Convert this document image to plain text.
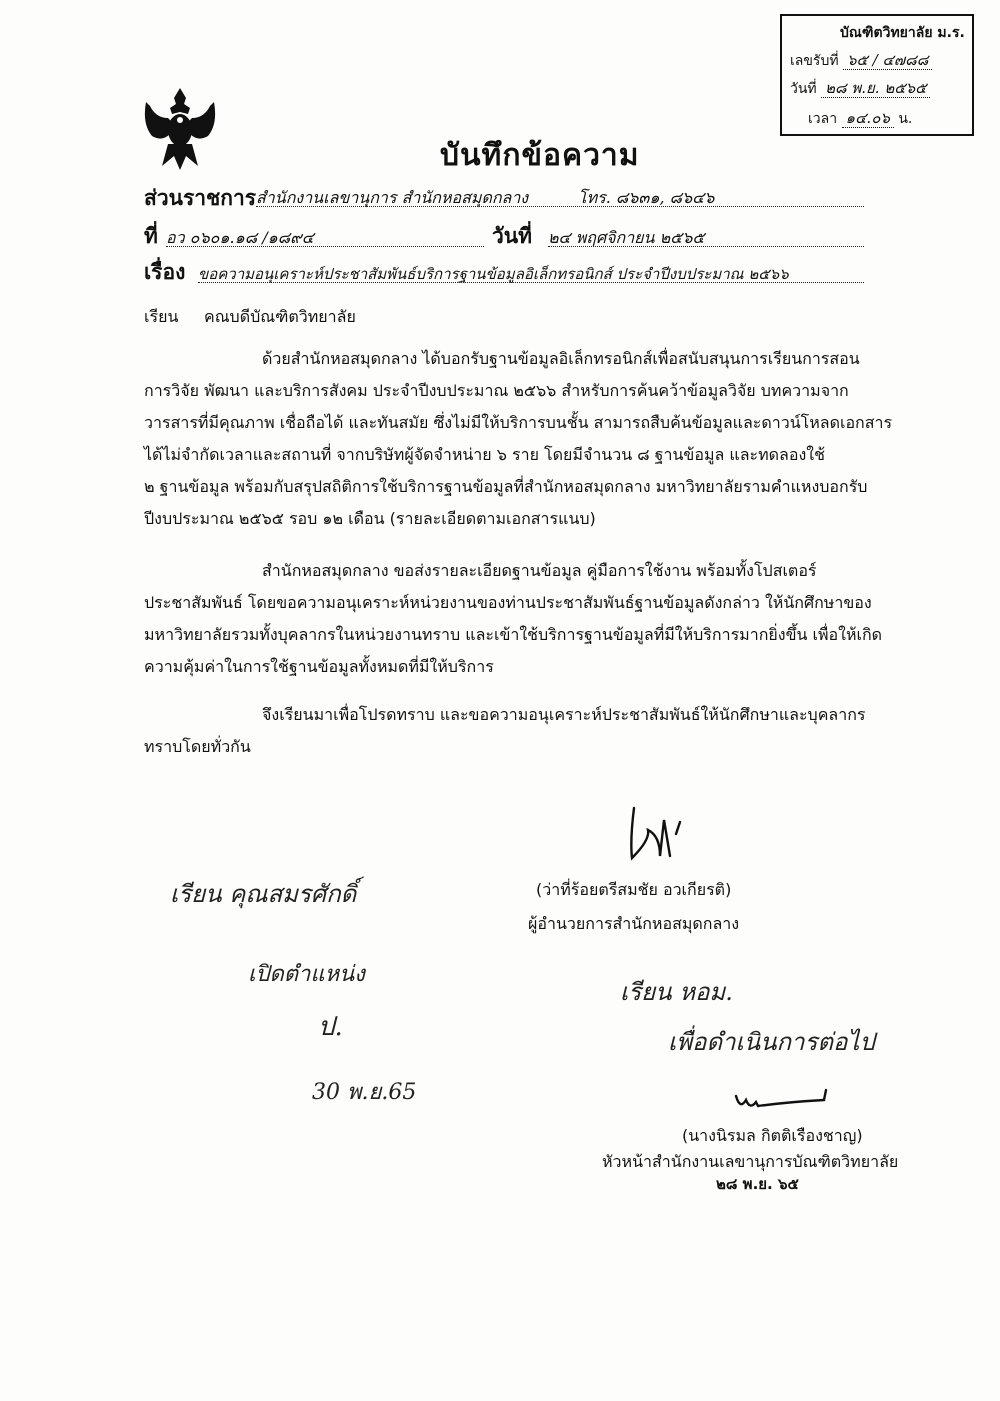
บัณฑิตวิทยาลัย ม.ร.
เลขรับที่ ๖๕ / ๔๗๘๘
วันที่ ๒๘ พ.ย. ๒๕๖๕
เวลา ๑๔.๐๖ น.
บันทึกข้อความ
ส่วนราชการ สำนักงานเลขานุการ สำนักหอสมุดกลาง	โทร. ๘๖๓๑, ๘๖๔๖
ที่ อว ๐๖๐๑.๑๘ /๑๘๙๔	วันที่ ๒๔ พฤศจิกายน ๒๕๖๕
เรื่อง ขอความอนุเคราะห์ประชาสัมพันธ์บริการฐานข้อมูลอิเล็กทรอนิกส์ ประจำปีงบประมาณ ๒๕๖๖
เรียน คณบดีบัณฑิตวิทยาลัย
ด้วยสำนักหอสมุดกลาง ได้บอกรับฐานข้อมูลอิเล็กทรอนิกส์เพื่อสนับสนุนการเรียนการสอน
การวิจัย พัฒนา และบริการสังคม ประจำปีงบประมาณ ๒๕๖๖ สำหรับการค้นคว้าข้อมูลวิจัย บทความจาก
วารสารที่มีคุณภาพ เชื่อถือได้ และทันสมัย ซึ่งไม่มีให้บริการบนชั้น สามารถสืบค้นข้อมูลและดาวน์โหลดเอกสาร
ได้ไม่จำกัดเวลาและสถานที่ จากบริษัทผู้จัดจำหน่าย ๖ ราย โดยมีจำนวน ๘ ฐานข้อมูล และทดลองใช้
๒ ฐานข้อมูล พร้อมกับสรุปสถิติการใช้บริการฐานข้อมูลที่สำนักหอสมุดกลาง มหาวิทยาลัยรามคำแหงบอกรับ
ปีงบประมาณ ๒๕๖๕ รอบ ๑๒ เดือน (รายละเอียดตามเอกสารแนบ)
สำนักหอสมุดกลาง ขอส่งรายละเอียดฐานข้อมูล คู่มือการใช้งาน พร้อมทั้งโปสเตอร์
ประชาสัมพันธ์ โดยขอความอนุเคราะห์หน่วยงานของท่านประชาสัมพันธ์ฐานข้อมูลดังกล่าว ให้นักศึกษาของ
มหาวิทยาลัยรวมทั้งบุคลากรในหน่วยงานทราบ และเข้าใช้บริการฐานข้อมูลที่มีให้บริการมากยิ่งขึ้น เพื่อให้เกิด
ความคุ้มค่าในการใช้ฐานข้อมูลทั้งหมดที่มีให้บริการ
จึงเรียนมาเพื่อโปรดทราบ และขอความอนุเคราะห์ประชาสัมพันธ์ให้นักศึกษาและบุคลากร
ทราบโดยทั่วกัน
(ว่าที่ร้อยตรีสมชัย อวเกียรติ)
ผู้อำนวยการสำนักหอสมุดกลาง
เรียน คุณสมรศักดิ์
เปิดตำแหน่ง
ป.
30 พ.ย.65
เรียน หอม.
เพื่อดำเนินการต่อไป
(นางนิรมล กิตติเรืองชาญ)
หัวหน้าสำนักงานเลขานุการบัณฑิตวิทยาลัย
๒๘ พ.ย. ๖๕
